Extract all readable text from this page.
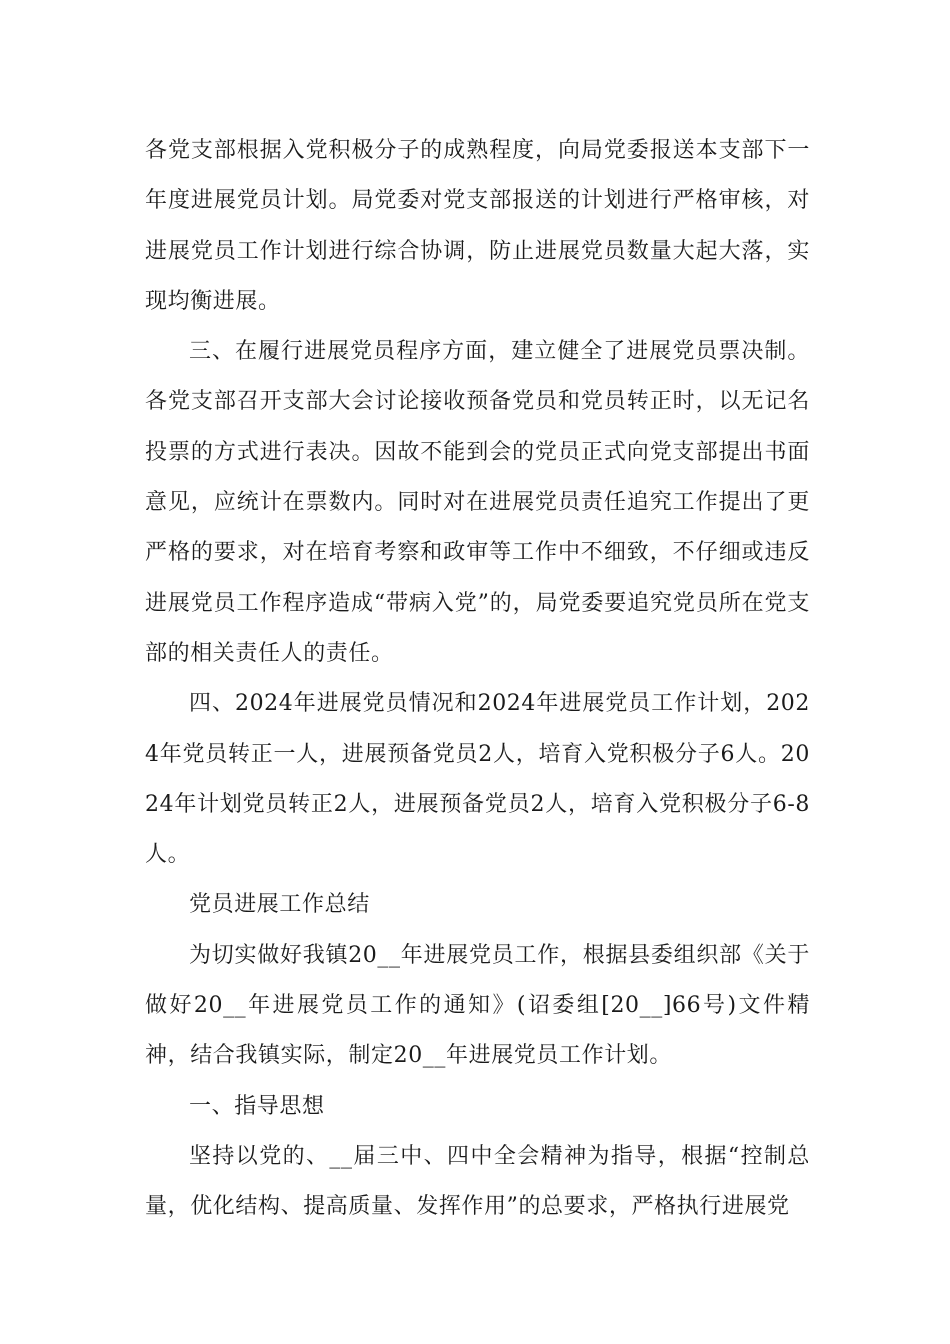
各党支部根据入党积极分子的成熟程度，向局党委报送本支部下一年度进展党员计划。局党委对党支部报送的计划进行严格审核，对进展党员工作计划进行综合协调，防止进展党员数量大起大落，实现均衡进展。

三、在履行进展党员程序方面，建立健全了进展党员票决制。各党支部召开支部大会讨论接收预备党员和党员转正时，以无记名投票的方式进行表决。因故不能到会的党员正式向党支部提出书面意见，应统计在票数内。同时对在进展党员责任追究工作提出了更严格的要求，对在培育考察和政审等工作中不细致，不仔细或违反进展党员工作程序造成“带病入党”的，局党委要追究党员所在党支部的相关责任人的责任。

四、2024年进展党员情况和2024年进展党员工作计划，2024年党员转正一人，进展预备党员2人，培育入党积极分子6人。2024年计划党员转正2人，进展预备党员2人，培育入党积极分子6-8人。

党员进展工作总结

为切实做好我镇20__年进展党员工作，根据县委组织部《关于做好20__年进展党员工作的通知》(诏委组[20__]66号)文件精神，结合我镇实际，制定20__年进展党员工作计划。

一、指导思想

坚持以党的、__届三中、四中全会精神为指导，根据“控制总量，优化结构、提高质量、发挥作用”的总要求，严格执行进展党
